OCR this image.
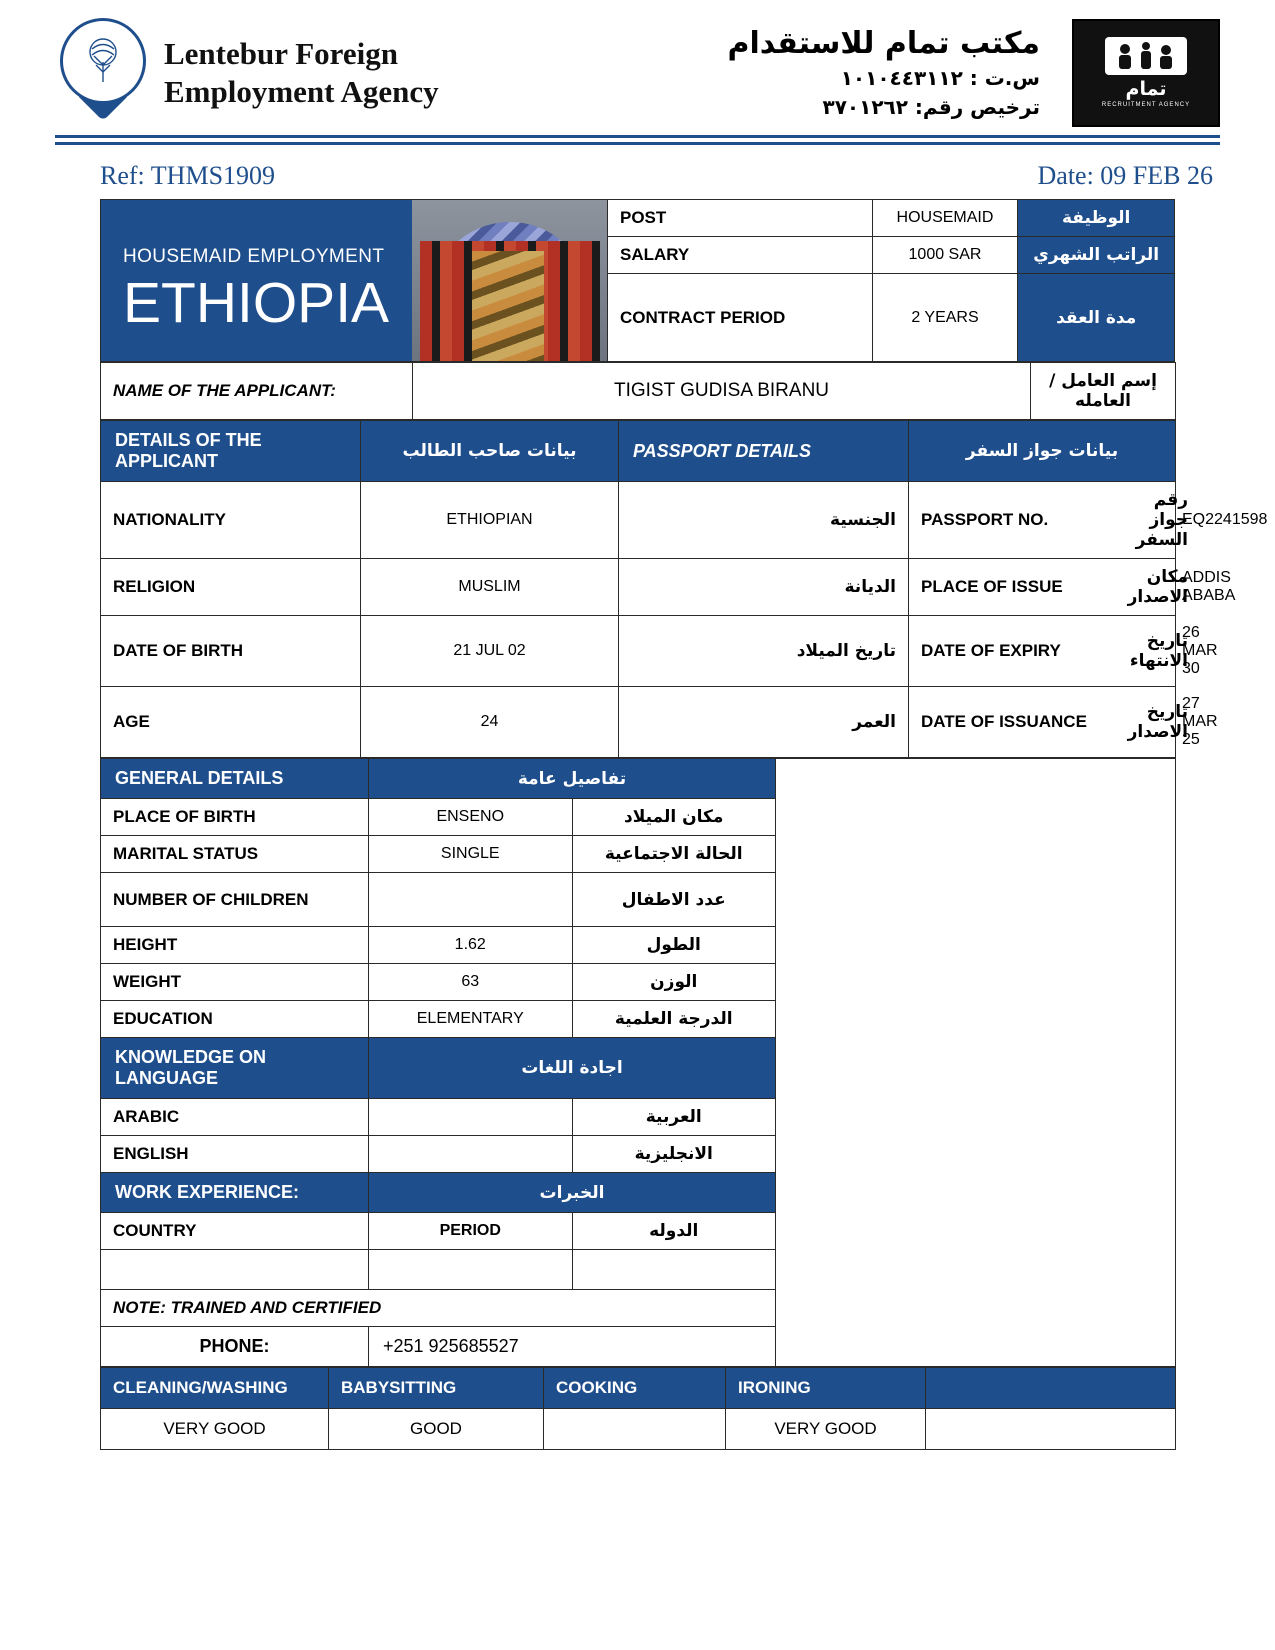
Lentebur Foreign
Employment Agency
مكتب تمام للاستقدام
س.ت : ١٠١٠٤٤٣١١٢
ترخيص رقم: ٣٧٠١٢٦٢
تمام
RECRUITMENT AGENCY
Ref: THMS1909	Date: 09 FEB 26
HOUSEMAID EMPLOYMENT
ETHIOPIA
POST	HOUSEMAID	الوظيفة
SALARY	1000 SAR	الراتب الشهري
CONTRACT PERIOD	2 YEARS	مدة العقد
NAME OF THE APPLICANT:	TIGIST GUDISA BIRANU	إسم العامل / العامله
DETAILS OF THE APPLICANT	بيانات صاحب الطالب	PASSPORT DETAILS	بيانات جواز السفر	
NATIONALITY	ETHIOPIAN	الجنسية	PASSPORT NO.	EQ2241598	رقم جواز السفر
RELIGION	MUSLIM	الديانة	PLACE OF ISSUE	ADDIS ABABA	مكان الاصدار
DATE OF BIRTH	21 JUL 02	تاريخ الميلاد	DATE OF EXPIRY	26 MAR 30	تاريخ الانتهاء
AGE	24	العمر	DATE OF ISSUANCE	27 MAR 25	تاريخ الاصدار
GENERAL DETAILS	تفاصيل عامة		

PLACE OF BIRTH	ENSENO	مكان الميلاد	
MARITAL STATUS	SINGLE	الحالة الاجتماعية	
NUMBER OF CHILDREN		عدد الاطفال	
HEIGHT	1.62	الطول	
WEIGHT	63	الوزن	
EDUCATION	ELEMENTARY	الدرجة العلمية	
KNOWLEDGE ON LANGUAGE	اجادة اللغات		
ARABIC		العربية	
ENGLISH		الانجليزية	
WORK EXPERIENCE:	الخبرات		
COUNTRY	PERIOD	الدوله	

NOTE: TRAINED AND CERTIFIED			
PHONE:	+251 925685527		
CLEANING/WASHING	BABYSITTING	COOKING	IRONING	
VERY GOOD	GOOD		VERY GOOD	
